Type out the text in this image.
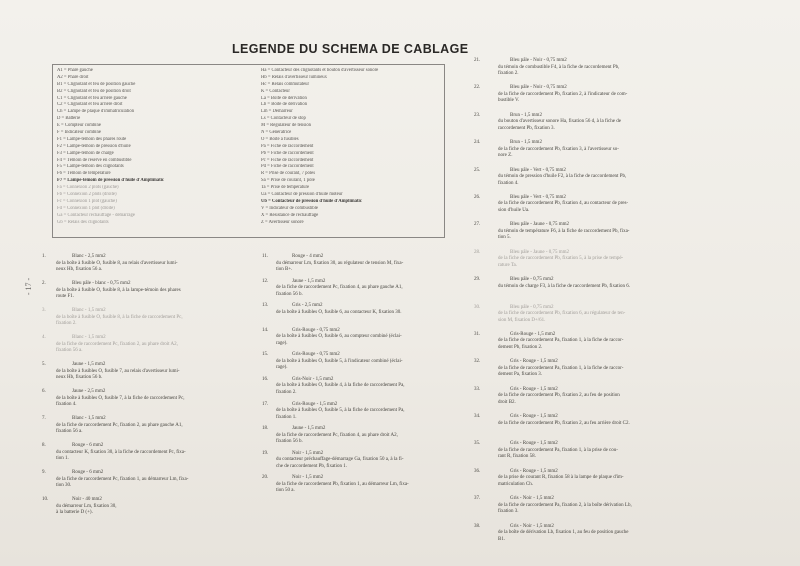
- 17 -
LEGENDE DU SCHEMA DE CABLAGE
A1 = Phare gauche
A2 = Phare droit
B1 = Clignotant et feu de position gauche
B2 = Clignotant et feu de position droit
C1 = Clignotant et feu arrière gauche
C2 = Clignotant et feu arrière droit
Ch = Lampe de plaque d'immatriculation
D = Batterie
E = Compteur combiné
F = Indicateur combiné
F1 = Lampe-témoin des phares route
F2 = Lampe-témoin de pression d'huile
F3 = Lampe-témoin de charge
F4 = Témoin de réserve en combustible
F5 = Lampe-témoin des clignotants
F6 = Témoin de température
F7 = Lampe-témoin de pression d'huile d'Amplimatic
Fa = Connexion 2 plots (gauche)
Fb = Connexion 2 plots (droite)
Fc = Connexion 1 plot (gauche)
Fd = Connexion 1 plot (droite)
Ga = Contacteur réchauffage - démarrage
Gb = Relais des clignotants
Ha = Contacteur des clignotants et bouton d'avertisseur sonore
Hb = Relais d'avertisseur lumineux
Hc = Relais commutateur
K = Contacteur
La = Boîte de dérivation
Lb = Boîte de dérivation
Lm = Démarreur
Ls = Contacteur de stop
M = Régulateur de tension
N = Génératrice
O = Boîte à fusibles
Pa = Fiche de raccordement
Pb = Fiche de raccordement
Pc = Fiche de raccordement
Pd = Fiche de raccordement
R = Prise de courant, 7 pôles
Sa = Prise de courant, 1 pôle
Ta = Prise de température
Ua = Contacteur de pression d'huile moteur
Ub = Contacteur de pression d'huile d'Amplimatic
V = Indicateur de combustible
X = Résistance de réchauffage
Z = Avertisseur sonore
1.	Blanc - 2,5 mm2
de la boîte à fusible O, fusible 8, au relais d'avertisseur lumi-
neux Hb, fixation 56 a.
2.	Bleu pâle - blanc - 0,75 mm2
de la boîte à fusible O, fusible 8, à la lampe-témoin des phares
route F1.
3.	Blanc - 1,5 mm2
de la boîte à fusible O, fusible 8, à la fiche de raccordement Pc,
fixation 2.
4.	Blanc - 1,5 mm2
de la fiche de raccordement Pc, fixation 2, au phare droit A2,
fixation 56 a.
5.	Jaune - 1,5 mm2
de la boîte à fusibles O, fusible 7, au relais d'avertisseur lumi-
neux Hb, fixation 56 b.
6.	Jaune - 2,5 mm2
de la boîte à fusibles O, fusible 7, à la fiche de raccordement Pc,
fixation 4.
7.	Blanc - 1,5 mm2
de la fiche de raccordement Pc, fixation 2, au phare gauche A1,
fixation 56 a.
8.	Rouge - 6 mm2
du contacteur K, fixation 30, à la fiche de raccordement Pc, fixa-
tion 1.
9.	Rouge - 6 mm2
de la fiche de raccordement Pc, fixation 1, au démarreur Lm, fixa-
tion 30.
10.	Noir - 40 mm2
du démarreur Lm, fixation 30,
à la batterie D (+).
11.	Rouge - 4 mm2
du démarreur Lm, fixation 30, au régulateur de tension M, fixa-
tion B+.
12.	Jaune - 1,5 mm2
de la fiche de raccordement Pc, fixation 4, au phare gauche A1,
fixation 56 b.
13.	Gris - 2,5 mm2
de la boîte à fusibles O, fusible 6, au contacteur K, fixation 30.
14.	Gris-Rouge - 0,75 mm2
de la boîte à fusibles O, fusible 6, au compteur combiné (éclai-
rage).
15.	Gris-Rouge - 0,75 mm2
de la boîte à fusibles O, fusible 5, à l'indicateur combiné (éclai-
rage).
16.	Gris-Noir - 1,5 mm2
de la boîte à fusibles O, fusible 4, à la fiche de raccordement Pa,
fixation 2.
17.	Gris-Rouge - 1,5 mm2
de la boîte à fusibles O, fusible 5, à la fiche de raccordement Pa,
fixation 1.
18.	Jaune - 1,5 mm2
de la fiche de raccordement Pc, fixation 4, au phare droit A2,
fixation 56 b.
19.	Noir - 1,5 mm2
du contacteur préchauffage-démarrage Ga, fixation 50 a, à la fi-
che de raccordement Pb, fixation 1.
20.	Noir - 1,5 mm2
de la fiche de raccordement Pb, fixation 1, au démarreur Lm, fixa-
tion 50 a.
21.	Bleu pâle - Noir - 0,75 mm2
du témoin de combustible F4, à la fiche de raccordement Pb,
fixation 2.
22.	Bleu pâle - Noir - 0,75 mm2
de la fiche de raccordement Pb, fixation 2, à l'indicateur de com-
bustible V.
23.	Brun - 1,5 mm2
du bouton d'avertisseur sonore Ha, fixation 56 d, à la fiche de
raccordement Pb, fixation 3.
24.	Brun - 1,5 mm2
de la fiche de raccordement Pb, fixation 3, à l'avertisseur so-
nore Z.
25.	Bleu pâle - Vert - 0,75 mm2
du témoin de pression d'huile F2, à la fiche de raccordement Pb,
fixation 4.
26.	Bleu pâle - Vert - 0,75 mm2
de la fiche de raccordement Pb, fixation 4, au contacteur de pres-
sion d'huile Ua.
27.	Bleu pâle - Jaune - 0,75 mm2
du témoin de température F6, à la fiche de raccordement Pb, fixa-
tion 5.
28.	Bleu pâle - Jaune - 0,75 mm2
de la fiche de raccordement Pb, fixation 5, à la prise de tempé-
rature Ta.
29.	Bleu pâle - 0,75 mm2
du témoin de charge F3, à la fiche de raccordement Pb, fixation 6.
30.	Bleu pâle - 0,75 mm2
de la fiche de raccordement Pb, fixation 6, au régulateur de ten-
sion M, fixation D+/61.
31.	Gris-Rouge - 1,5 mm2
de la fiche de raccordement Pa, fixation 1, à la fiche de raccor-
dement Pb, fixation 2.
32.	Gris - Rouge - 1,5 mm2
de la fiche de raccordement Pa, fixation 1, à la fiche de raccor-
dement Pa, fixation 3.
33.	Gris - Rouge - 1,5 mm2
de la fiche de raccordement Pb, fixation 2, au feu de position
droit B2.
34.	Gris - Rouge - 1,5 mm2
de la fiche de raccordement Pb, fixation 2, au feu arrière droit C2.
35.	Gris - Rouge - 1,5 mm2
de la fiche de raccordement Pa, fixation 1, à la prise de cou-
rant R, fixation 58.
36.	Gris - Rouge - 1,5 mm2
de la prise de courant R, fixation 58 à la lampe de plaque d'im-
matriculation Ch.
37.	Gris - Noir - 1,5 mm2
de la fiche de raccordement Pa, fixation 2, à la boîte dérivation Lb,
fixation 3.
38.	Gris - Noir - 1,5 mm2
de la boîte de dérivation Lb, fixation 1, au feu de position gauche
B1.
